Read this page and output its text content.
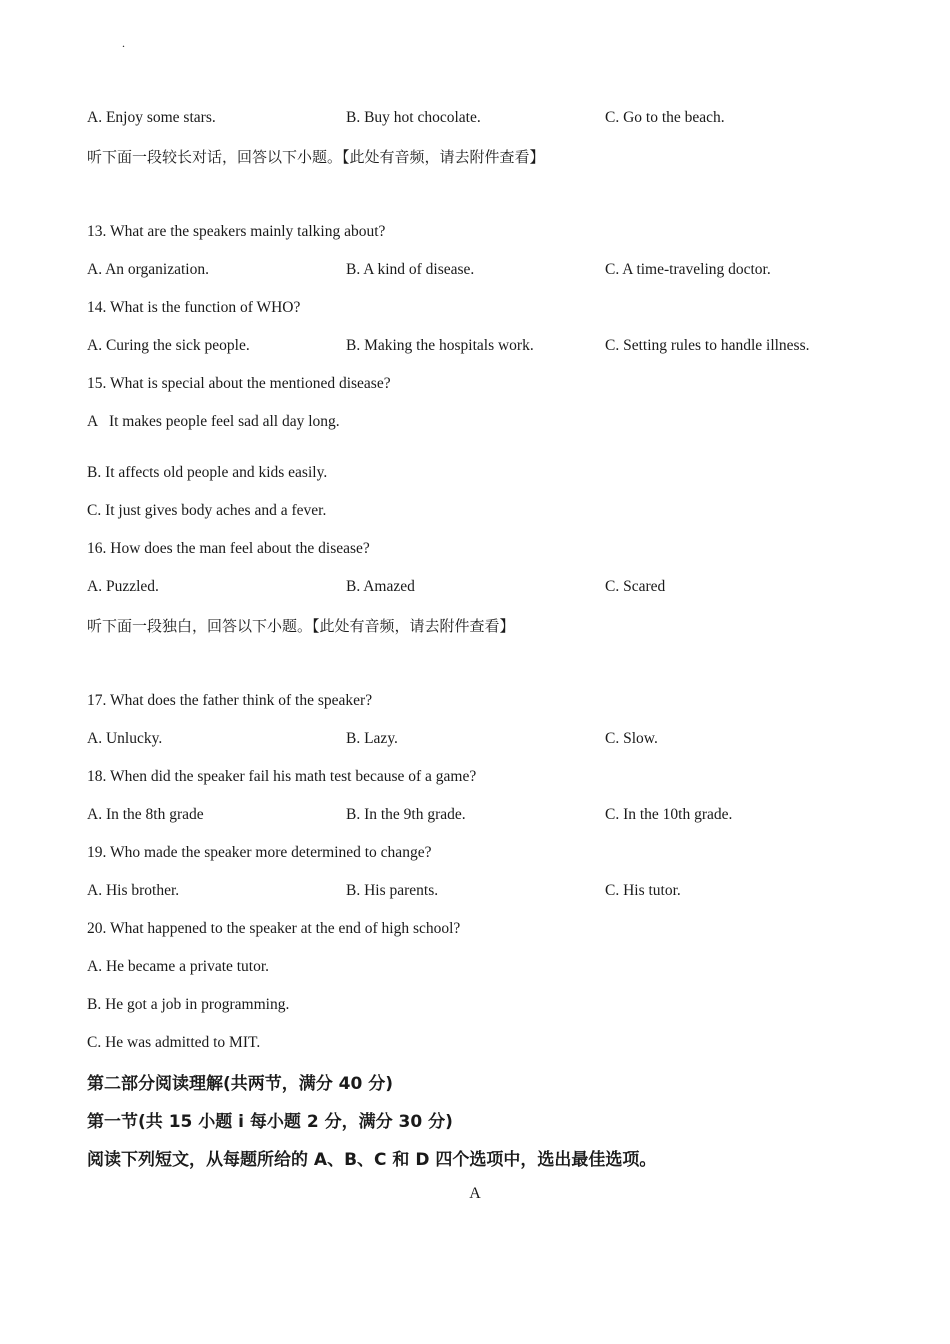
.
A. Enjoy some stars.	B. Buy hot chocolate.	C. Go to the beach.
听下面一段较长对话，回答以下小题。【此处有音频，请去附件查看】
13. What are the speakers mainly talking about?
A. An organization.	B. A kind of disease.	C. A time-traveling doctor.
14. What is the function of WHO?
A. Curing the sick people.	B. Making the hospitals work.	C. Setting rules to handle illness.
15. What is special about the mentioned disease?
A   It makes people feel sad all day long.
B. It affects old people and kids easily.
C. It just gives body aches and a fever.
16. How does the man feel about the disease?
A. Puzzled.	B. Amazed	C. Scared
听下面一段独白，回答以下小题。【此处有音频，请去附件查看】
17. What does the father think of the speaker?
A. Unlucky.	B. Lazy.	C. Slow.
18. When did the speaker fail his math test because of a game?
A. In the 8th grade	B. In the 9th grade.	C. In the 10th grade.
19. Who made the speaker more determined to change?
A. His brother.	B. His parents.	C. His tutor.
20. What happened to the speaker at the end of high school?
A. He became a private tutor.
B. He got a job in programming.
C. He was admitted to MIT.
第二部分阅读理解(共两节，满分 40 分)
第一节(共 15 小题 i 每小题 2 分，满分 30 分)
阅读下列短文，从每题所给的 A、B、C 和 D 四个选项中，选出最佳选项。
A
